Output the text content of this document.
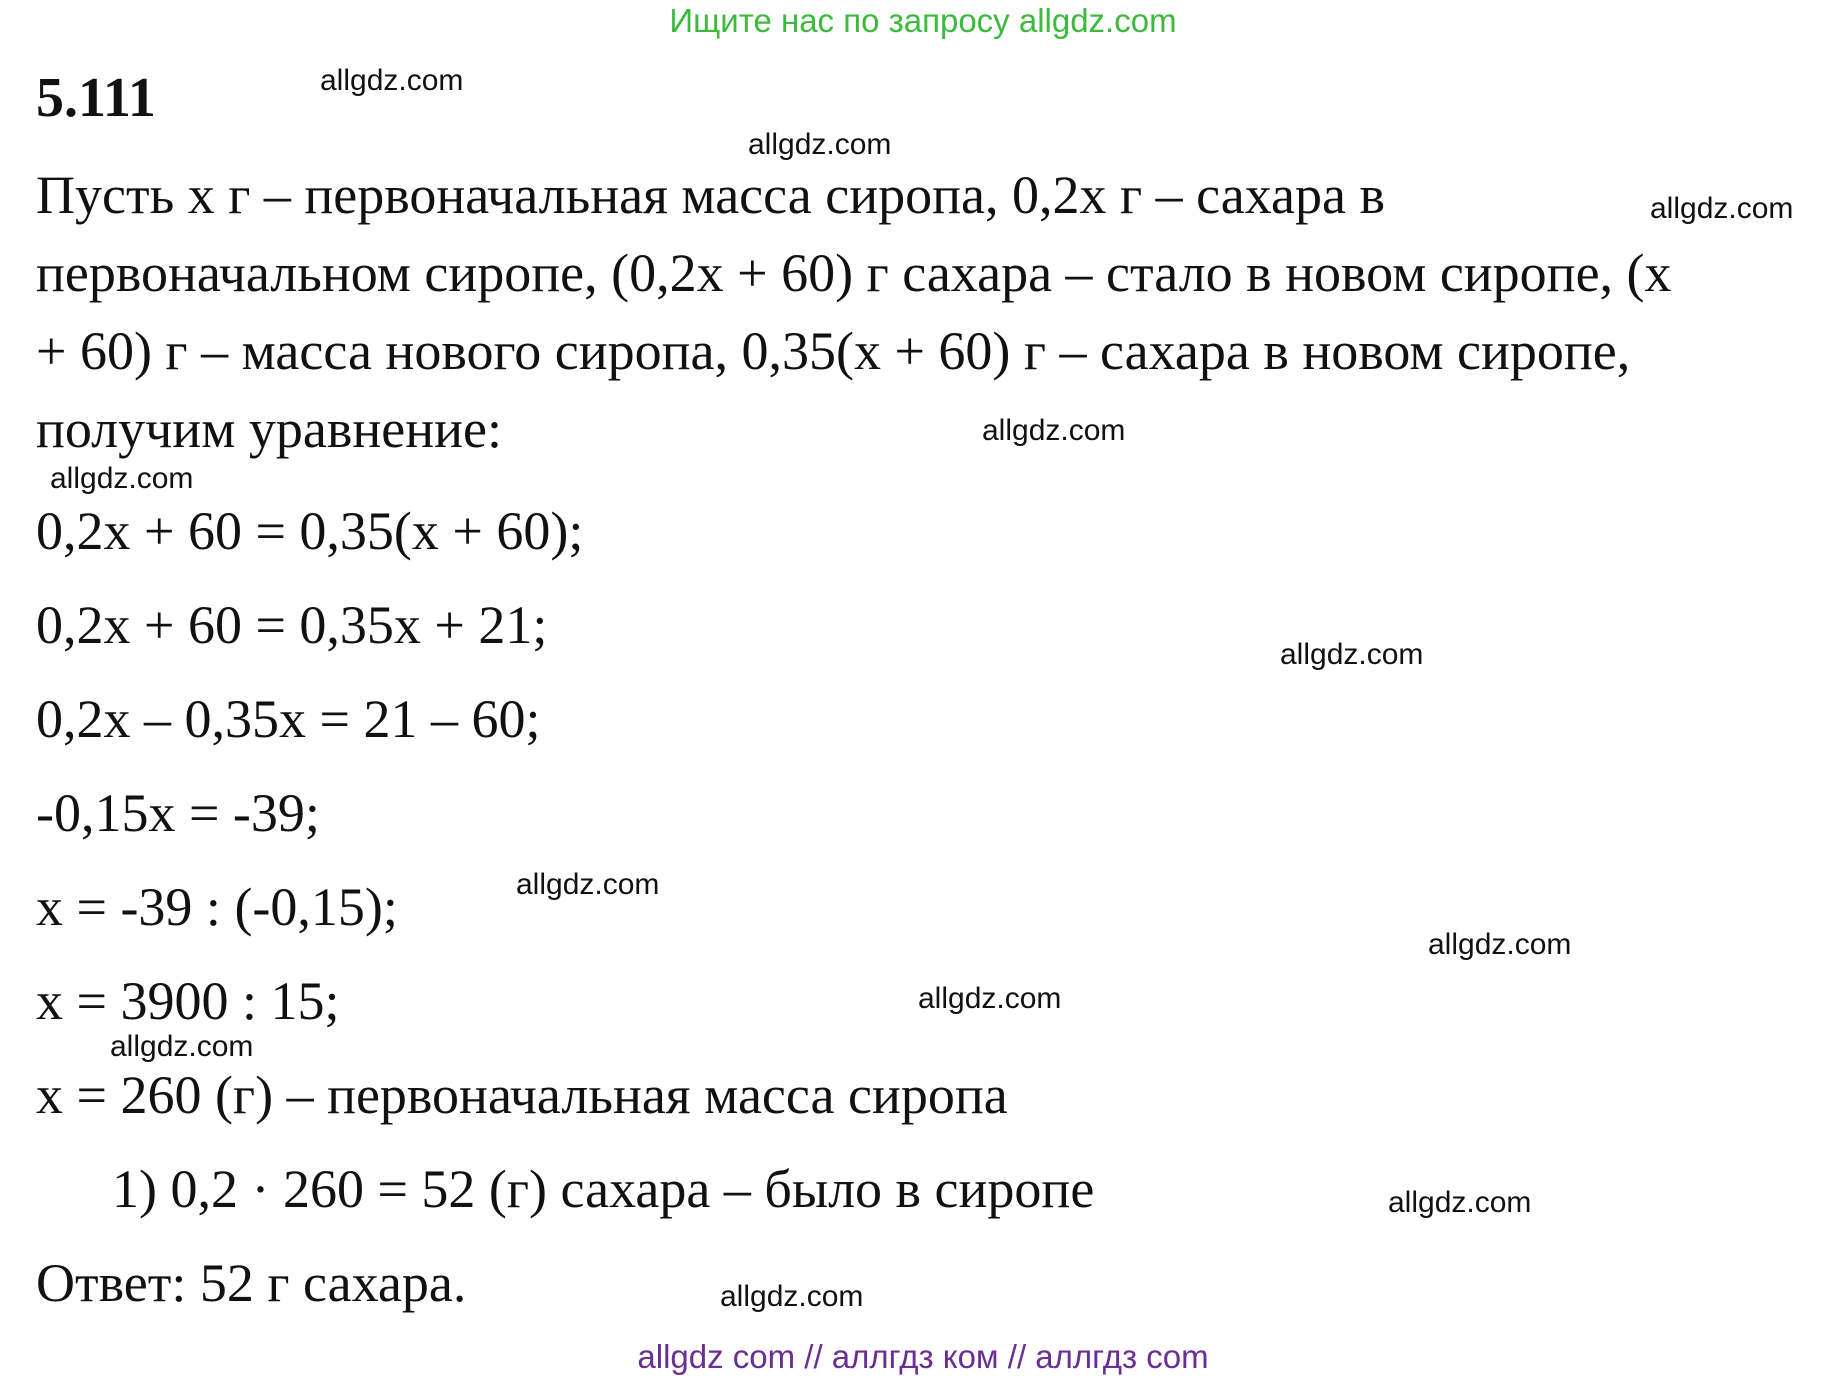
Ищите нас по запросу allgdz.com
5.111
Пусть x г – первоначальная масса сиропа, 0,2x г – сахара в
первоначальном сиропе, (0,2x + 60) г сахара – стало в новом сиропе, (x
+ 60) г – масса нового сиропа, 0,35(x + 60) г – сахара в новом сиропе,
получим уравнение:
0,2x + 60 = 0,35(x + 60);
0,2x + 60 = 0,35x + 21;
0,2x – 0,35x = 21 – 60;
-0,15x = -39;
x = -39 : (-0,15);
x = 3900 : 15;
x = 260 (г) – первоначальная масса сиропа
1) 0,2 · 260 = 52 (г) сахара – было в сиропе
Ответ: 52 г сахара.
allgdz.com
allgdz.com
allgdz.com
allgdz.com
allgdz.com
allgdz.com
allgdz.com
allgdz.com
allgdz.com
allgdz.com
allgdz.com
allgdz.com
allgdz com // аллгдз ком // аллгдз com
